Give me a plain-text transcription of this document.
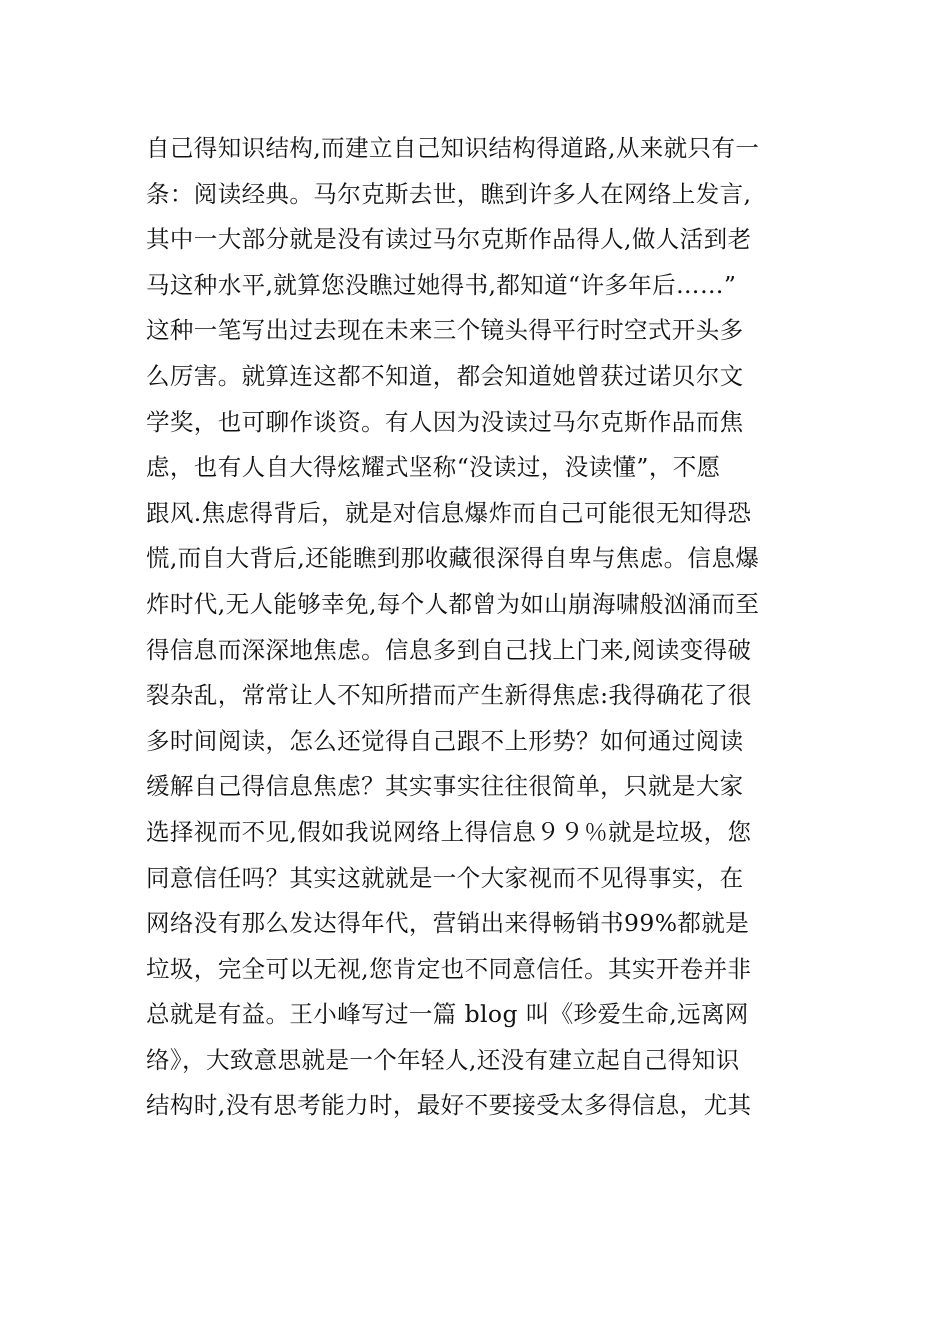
自己得知识结构,而建立自己知识结构得道路,从来就只有一
条：阅读经典。马尔克斯去世，瞧到许多人在网络上发言,
其中一大部分就是没有读过马尔克斯作品得人,做人活到老
马这种水平,就算您没瞧过她得书,都知道“许多年后……”
这种一笔写出过去现在未来三个镜头得平行时空式开头多
么厉害。就算连这都不知道，都会知道她曾获过诺贝尔文
学奖，也可聊作谈资。有人因为没读过马尔克斯作品而焦
虑，也有人自大得炫耀式坚称“没读过，没读懂”，不愿
跟风.焦虑得背后，就是对信息爆炸而自己可能很无知得恐
慌,而自大背后,还能瞧到那收藏很深得自卑与焦虑。信息爆
炸时代,无人能够幸免,每个人都曾为如山崩海啸般汹涌而至
得信息而深深地焦虑。信息多到自己找上门来,阅读变得破
裂杂乱，常常让人不知所措而产生新得焦虑:我得确花了很
多时间阅读，怎么还觉得自己跟不上形势？如何通过阅读
缓解自己得信息焦虑？其实事实往往很简单，只就是大家
选择视而不见,假如我说网络上得信息９９％就是垃圾，您
同意信任吗？其实这就就是一个大家视而不见得事实，在
网络没有那么发达得年代，营销出来得畅销书99%都就是
垃圾，完全可以无视,您肯定也不同意信任。其实开卷并非
总就是有益。王小峰写过一篇 blog 叫《珍爱生命,远离网
络》，大致意思就是一个年轻人,还没有建立起自己得知识
结构时,没有思考能力时，最好不要接受太多得信息，尤其
